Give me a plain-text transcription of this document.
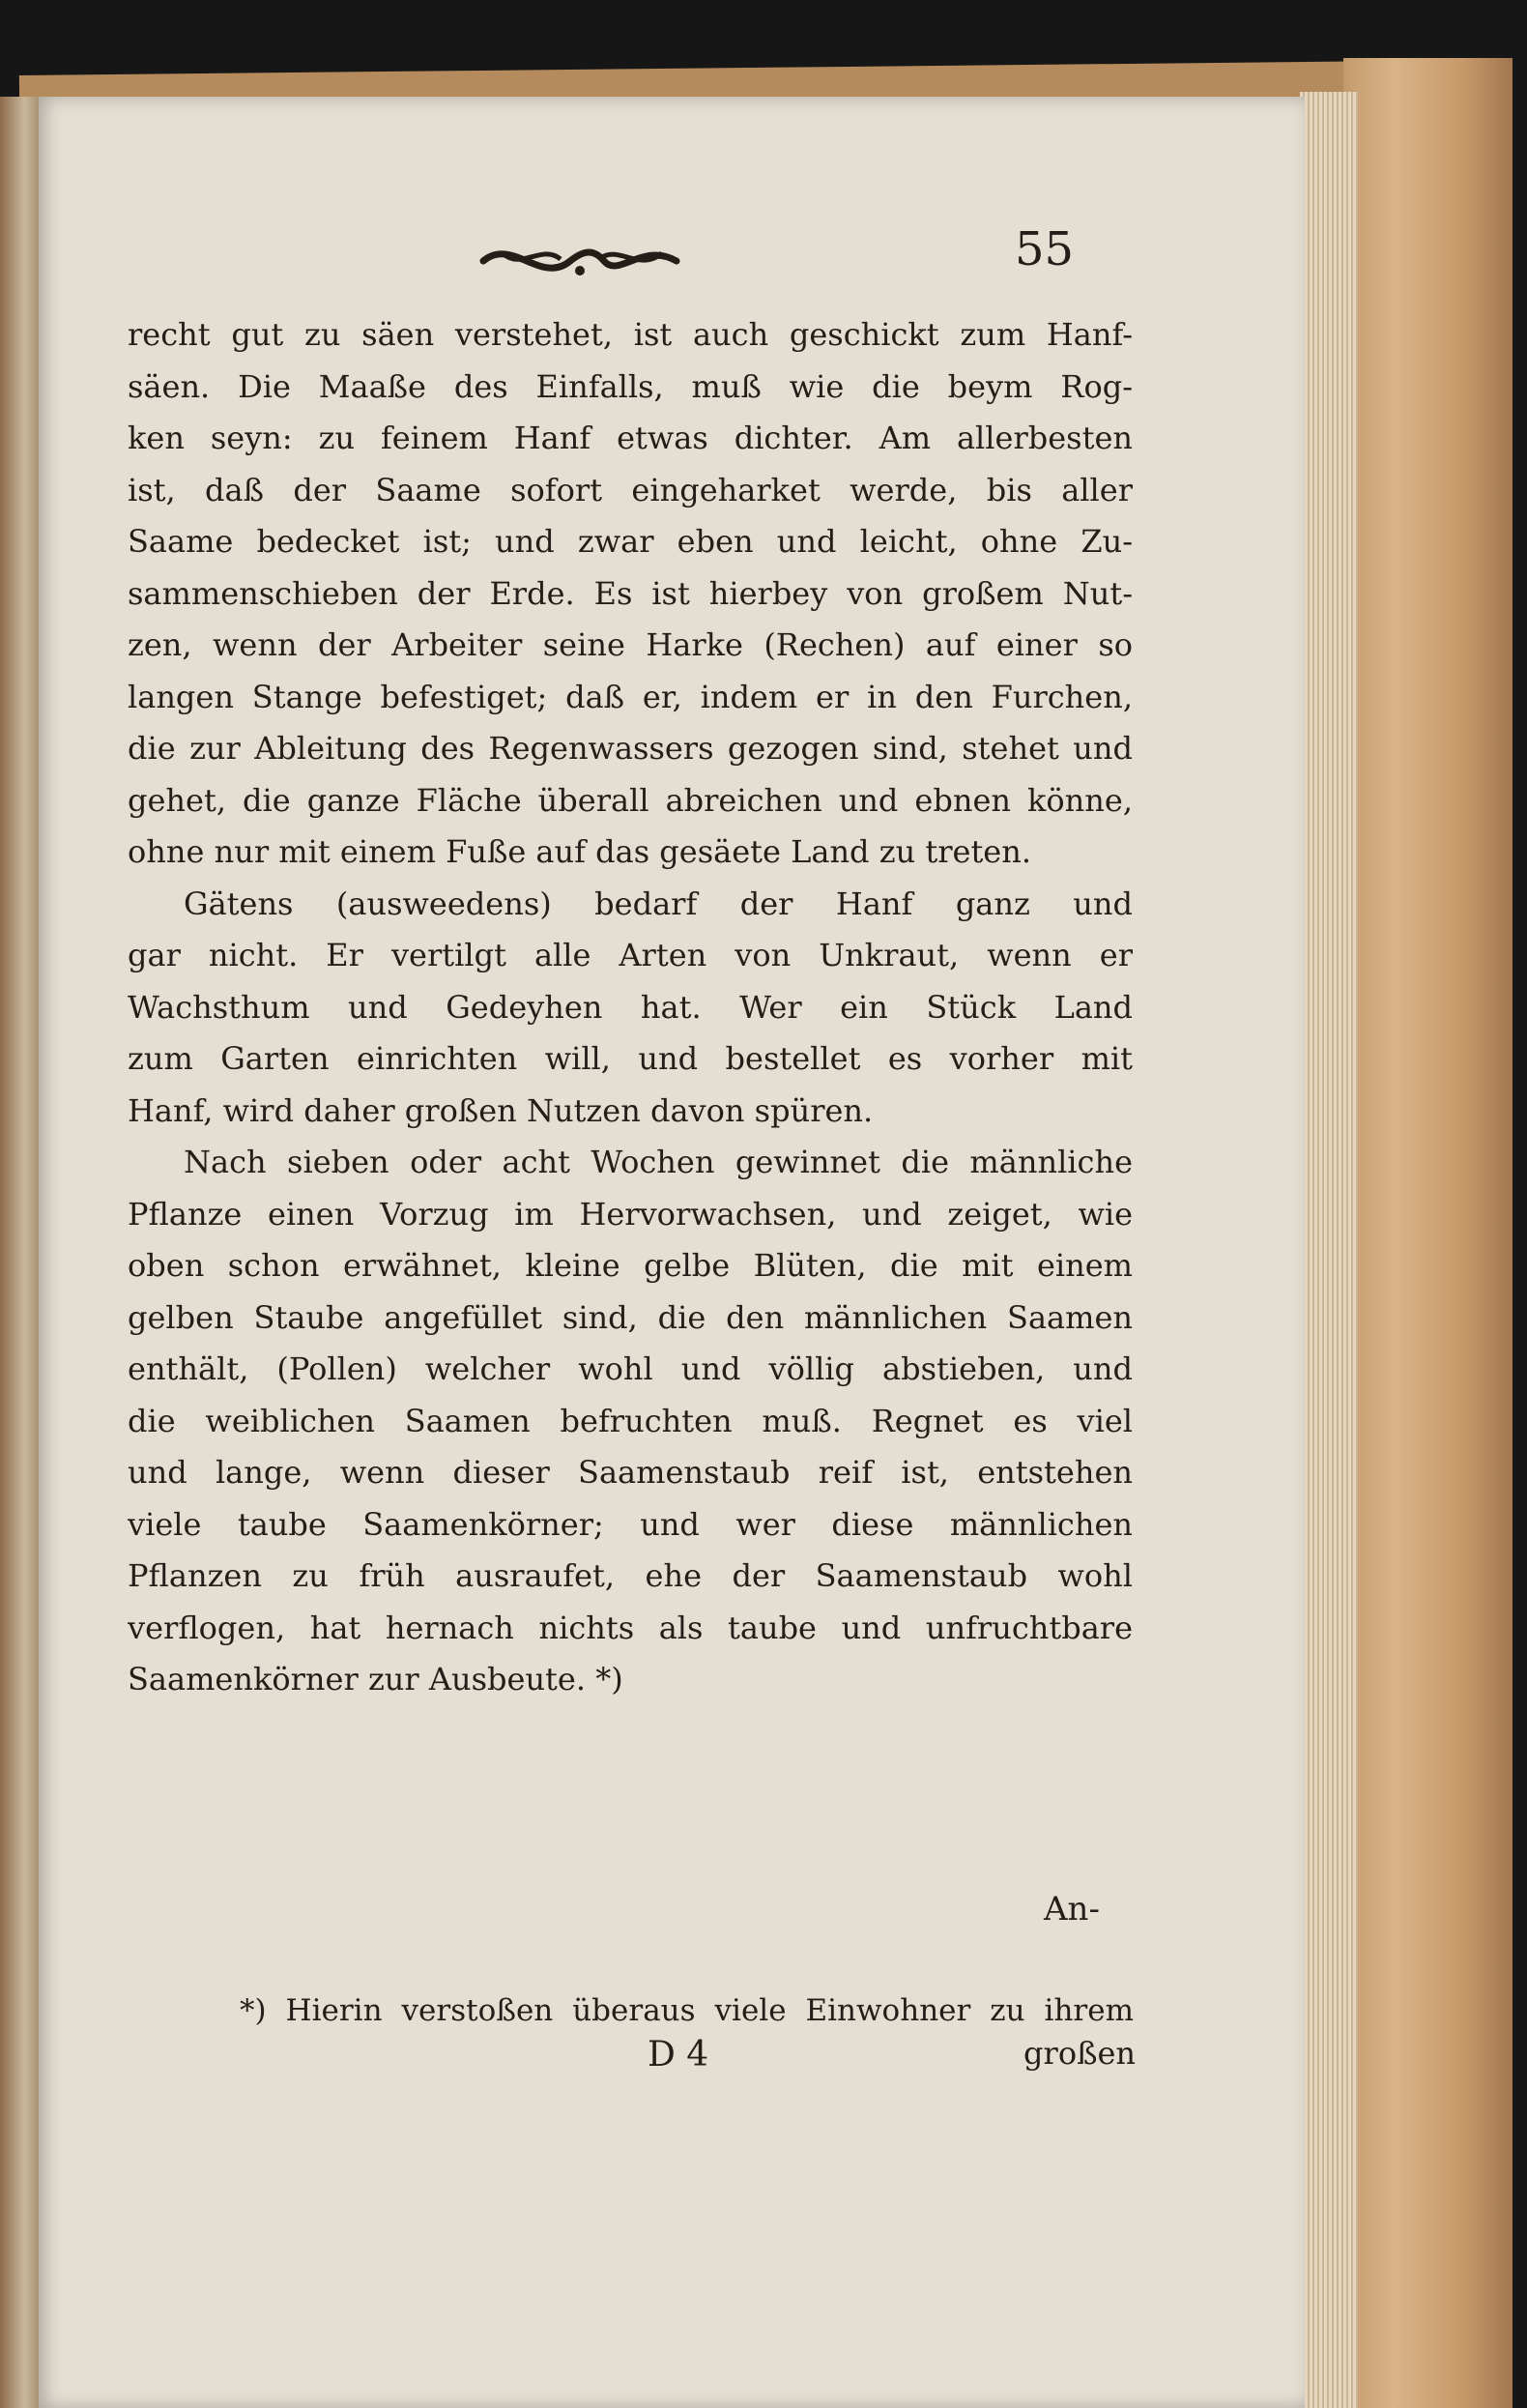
55
recht gut zu säen verstehet, ist auch geschickt zum Hanf-
säen. Die Maaße des Einfalls, muß wie die beym Rog-
ken seyn: zu feinem Hanf etwas dichter. Am allerbesten
ist, daß der Saame sofort eingeharket werde, bis aller
Saame bedecket ist; und zwar eben und leicht, ohne Zu-
sammenschieben der Erde. Es ist hierbey von großem Nut-
zen, wenn der Arbeiter seine Harke (Rechen) auf einer so
langen Stange befestiget; daß er, indem er in den Furchen,
die zur Ableitung des Regenwassers gezogen sind, stehet und
gehet, die ganze Fläche überall abreichen und ebnen könne,
ohne nur mit einem Fuße auf das gesäete Land zu treten.
Gätens (ausweedens) bedarf der Hanf ganz und
gar nicht. Er vertilgt alle Arten von Unkraut, wenn er
Wachsthum und Gedeyhen hat. Wer ein Stück Land
zum Garten einrichten will, und bestellet es vorher mit
Hanf, wird daher großen Nutzen davon spüren.
Nach sieben oder acht Wochen gewinnet die männliche
Pflanze einen Vorzug im Hervorwachsen, und zeiget, wie
oben schon erwähnet, kleine gelbe Blüten, die mit einem
gelben Staube angefüllet sind, die den männlichen Saamen
enthält, (Pollen) welcher wohl und völlig abstieben, und
die weiblichen Saamen befruchten muß. Regnet es viel
und lange, wenn dieser Saamenstaub reif ist, entstehen
viele taube Saamenkörner; und wer diese männlichen
Pflanzen zu früh ausraufet, ehe der Saamenstaub wohl
verflogen, hat hernach nichts als taube und unfruchtbare
Saamenkörner zur Ausbeute. *)
An-
*) Hierin verstoßen überaus viele Einwohner zu ihrem
D 4	großen
